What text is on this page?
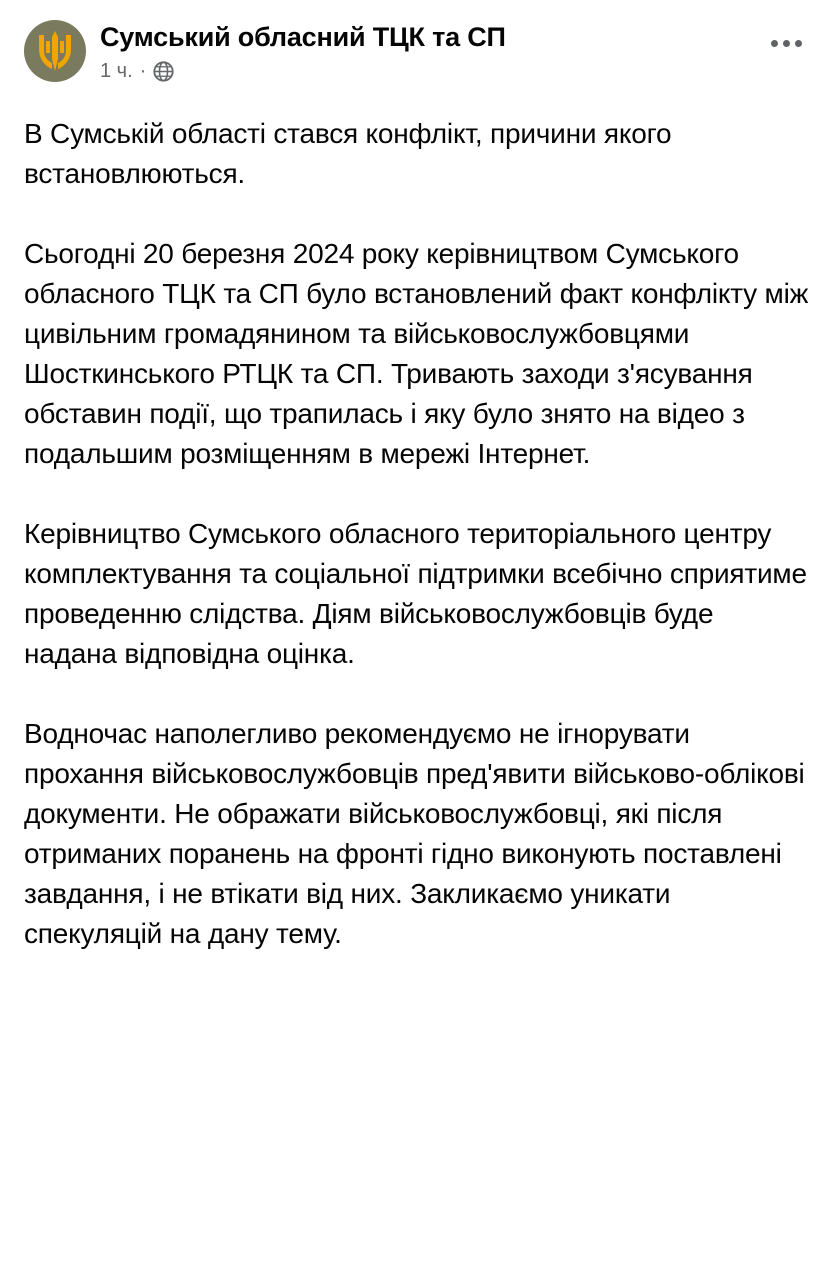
Сумський обласний ТЦК та СП
1 ч. ·

В Сумській області стався конфлікт, причини якого встановлюються.

Сьогодні 20 березня 2024 року керівництвом Сумського обласного ТЦК та СП було встановлений факт конфлікту між цивільним громадянином та військовослужбовцями Шосткинського РТЦК та СП. Тривають заходи з'ясування обставин події, що трапилась і яку було знято на відео з подальшим розміщенням в мережі Інтернет.

Керівництво Сумського обласного територіального центру комплектування та соціальної підтримки всебічно сприятиме проведенню слідства. Діям військовослужбовців буде надана відповідна оцінка.

Водночас наполегливо рекомендуємо не ігнорувати прохання військовослужбовців пред'явити військово-облікові документи. Не ображати військовослужбовці, які після отриманих поранень на фронті гідно виконують поставлені завдання, і не втікати від них. Закликаємо уникати спекуляцій на дану тему.
